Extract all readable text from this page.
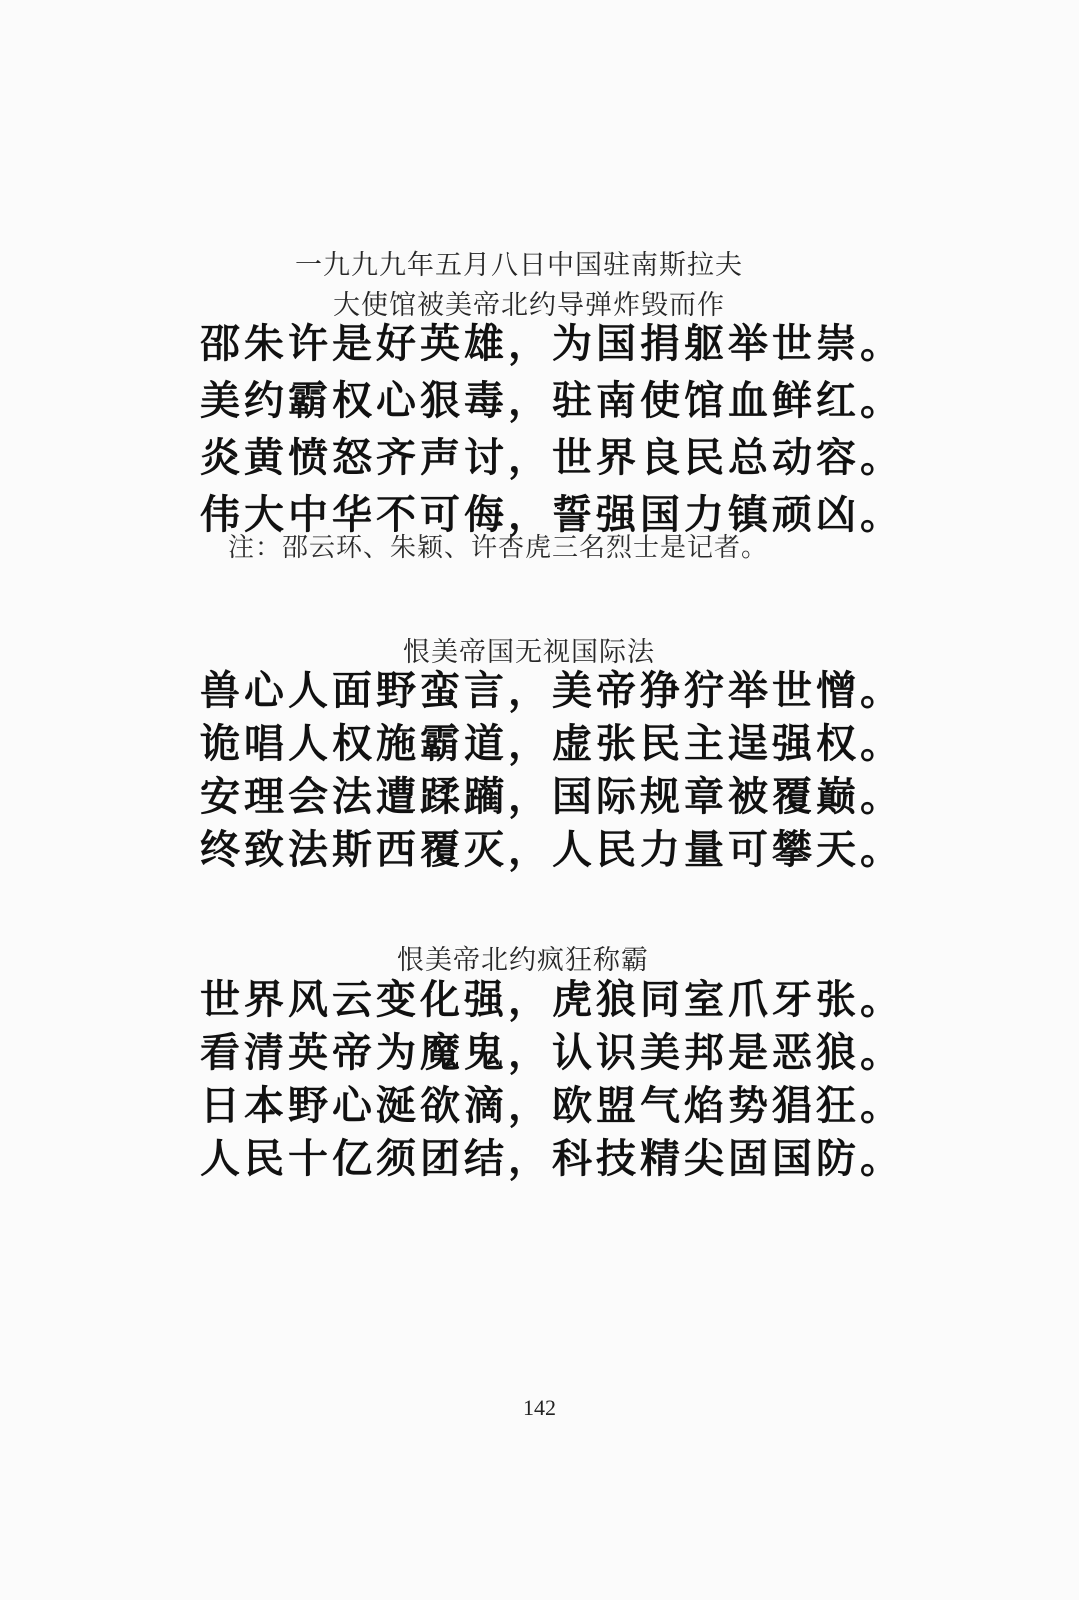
一九九九年五月八日中国驻南斯拉夫
大使馆被美帝北约导弹炸毁而作
邵朱许是好英雄，为国捐躯举世崇。
美约霸权心狠毒，驻南使馆血鲜红。
炎黄愤怒齐声讨，世界良民总动容。
伟大中华不可侮，誓强国力镇顽凶。
注：邵云环、朱颖、许杏虎三名烈士是记者。
恨美帝国无视国际法
兽心人面野蛮言，美帝狰狞举世憎。
诡唱人权施霸道，虚张民主逞强权。
安理会法遭蹂躏，国际规章被覆巅。
终致法斯西覆灭，人民力量可攀天。
恨美帝北约疯狂称霸
世界风云变化强，虎狼同室爪牙张。
看清英帝为魔鬼，认识美邦是恶狼。
日本野心涎欲滴，欧盟气焰势猖狂。
人民十亿须团结，科技精尖固国防。
142
